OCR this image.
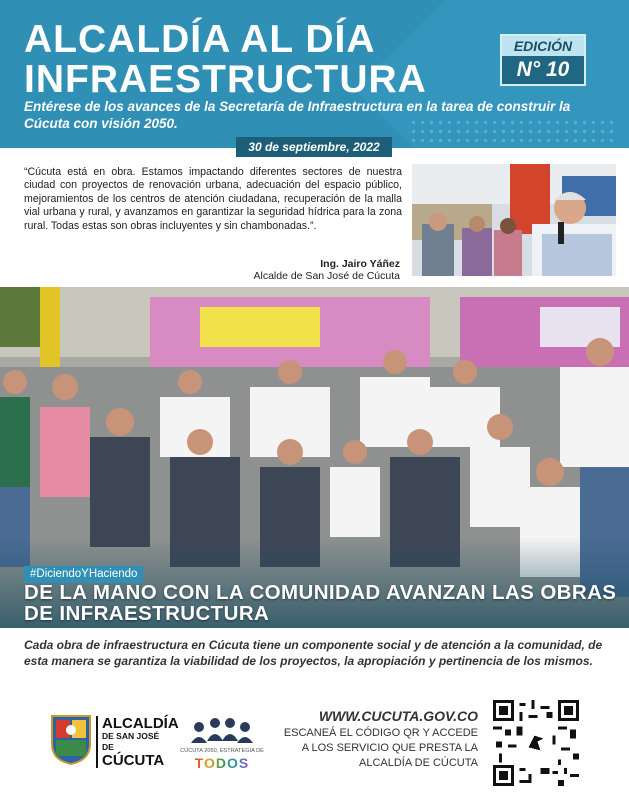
ALCALDÍA AL DÍA
INFRAESTRUCTURA
EDICIÓN
N° 10
Entérese de los avances de la Secretaría de Infraestructura en la tarea de construir la Cúcuta con visión 2050.
30 de septiembre, 2022
“Cúcuta está en obra. Estamos impactando diferentes sectores de nuestra ciudad con proyectos de renovación urbana, adecuación del espacio público, mejoramientos de los centros de atención ciudadana, recuperación de la malla vial urbana y rural, y avanzamos en garantizar la seguridad hídrica para la zona rural. Todas estas son obras incluyentes y sin chambonadas.”.
Ing. Jairo Yáñez
Alcalde de San José de Cúcuta
#DiciendoYHaciendo
DE LA MANO CON LA COMUNIDAD AVANZAN LAS OBRAS DE INFRAESTRUCTURA
Cada obra de infraestructura en Cúcuta tiene un componente social y de atención a la comunidad, de esta manera se garantiza la viabilidad de los proyectos, la apropiación y pertinencia de los mismos.
ALCALDÍA
DE SAN JOSÉ DE
CÚCUTA
CÚCUTA 2050, ESTRATEGIA DE
TODOS
WWW.CUCUTA.GOV.CO
ESCANEÁ EL CÓDIGO QR Y ACCEDE A LOS SERVICIO QUE PRESTA LA ALCALDÍA DE CÚCUTA
